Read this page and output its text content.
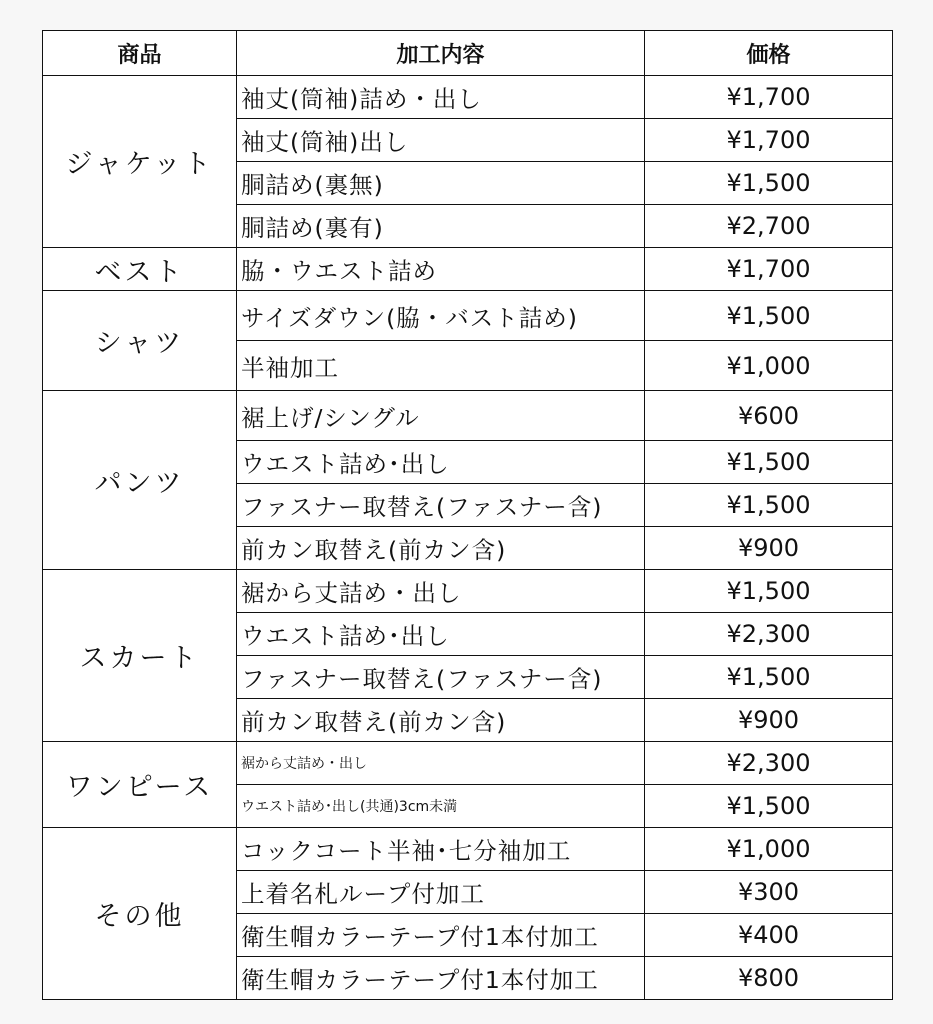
商品	加工内容	価格
ジャケット	袖丈(筒袖)詰め・出し	¥1,700
	袖丈(筒袖)出し	¥1,700
	胴詰め(裏無)	¥1,500
	胴詰め(裏有)	¥2,700
ベスト	脇・ウエスト詰め	¥1,700
シャツ	サイズダウン(脇・バスト詰め)	¥1,500
	半袖加工	¥1,000
パンツ	裾上げ/シングル	¥600
	ウエスト詰め･出し	¥1,500
	ファスナー取替え(ファスナー含)	¥1,500
	前カン取替え(前カン含)	¥900
スカート	裾から丈詰め・出し	¥1,500
	ウエスト詰め･出し	¥2,300
	ファスナー取替え(ファスナー含)	¥1,500
	前カン取替え(前カン含)	¥900
ワンピース	裾から丈詰め・出し	¥2,300
	ウエスト詰め･出し(共通)3cm未満	¥1,500
その他	コックコート半袖･七分袖加工	¥1,000
	上着名札ループ付加工	¥300
	衛生帽カラーテープ付1本付加工	¥400
	衛生帽カラーテープ付1本付加工	¥800
